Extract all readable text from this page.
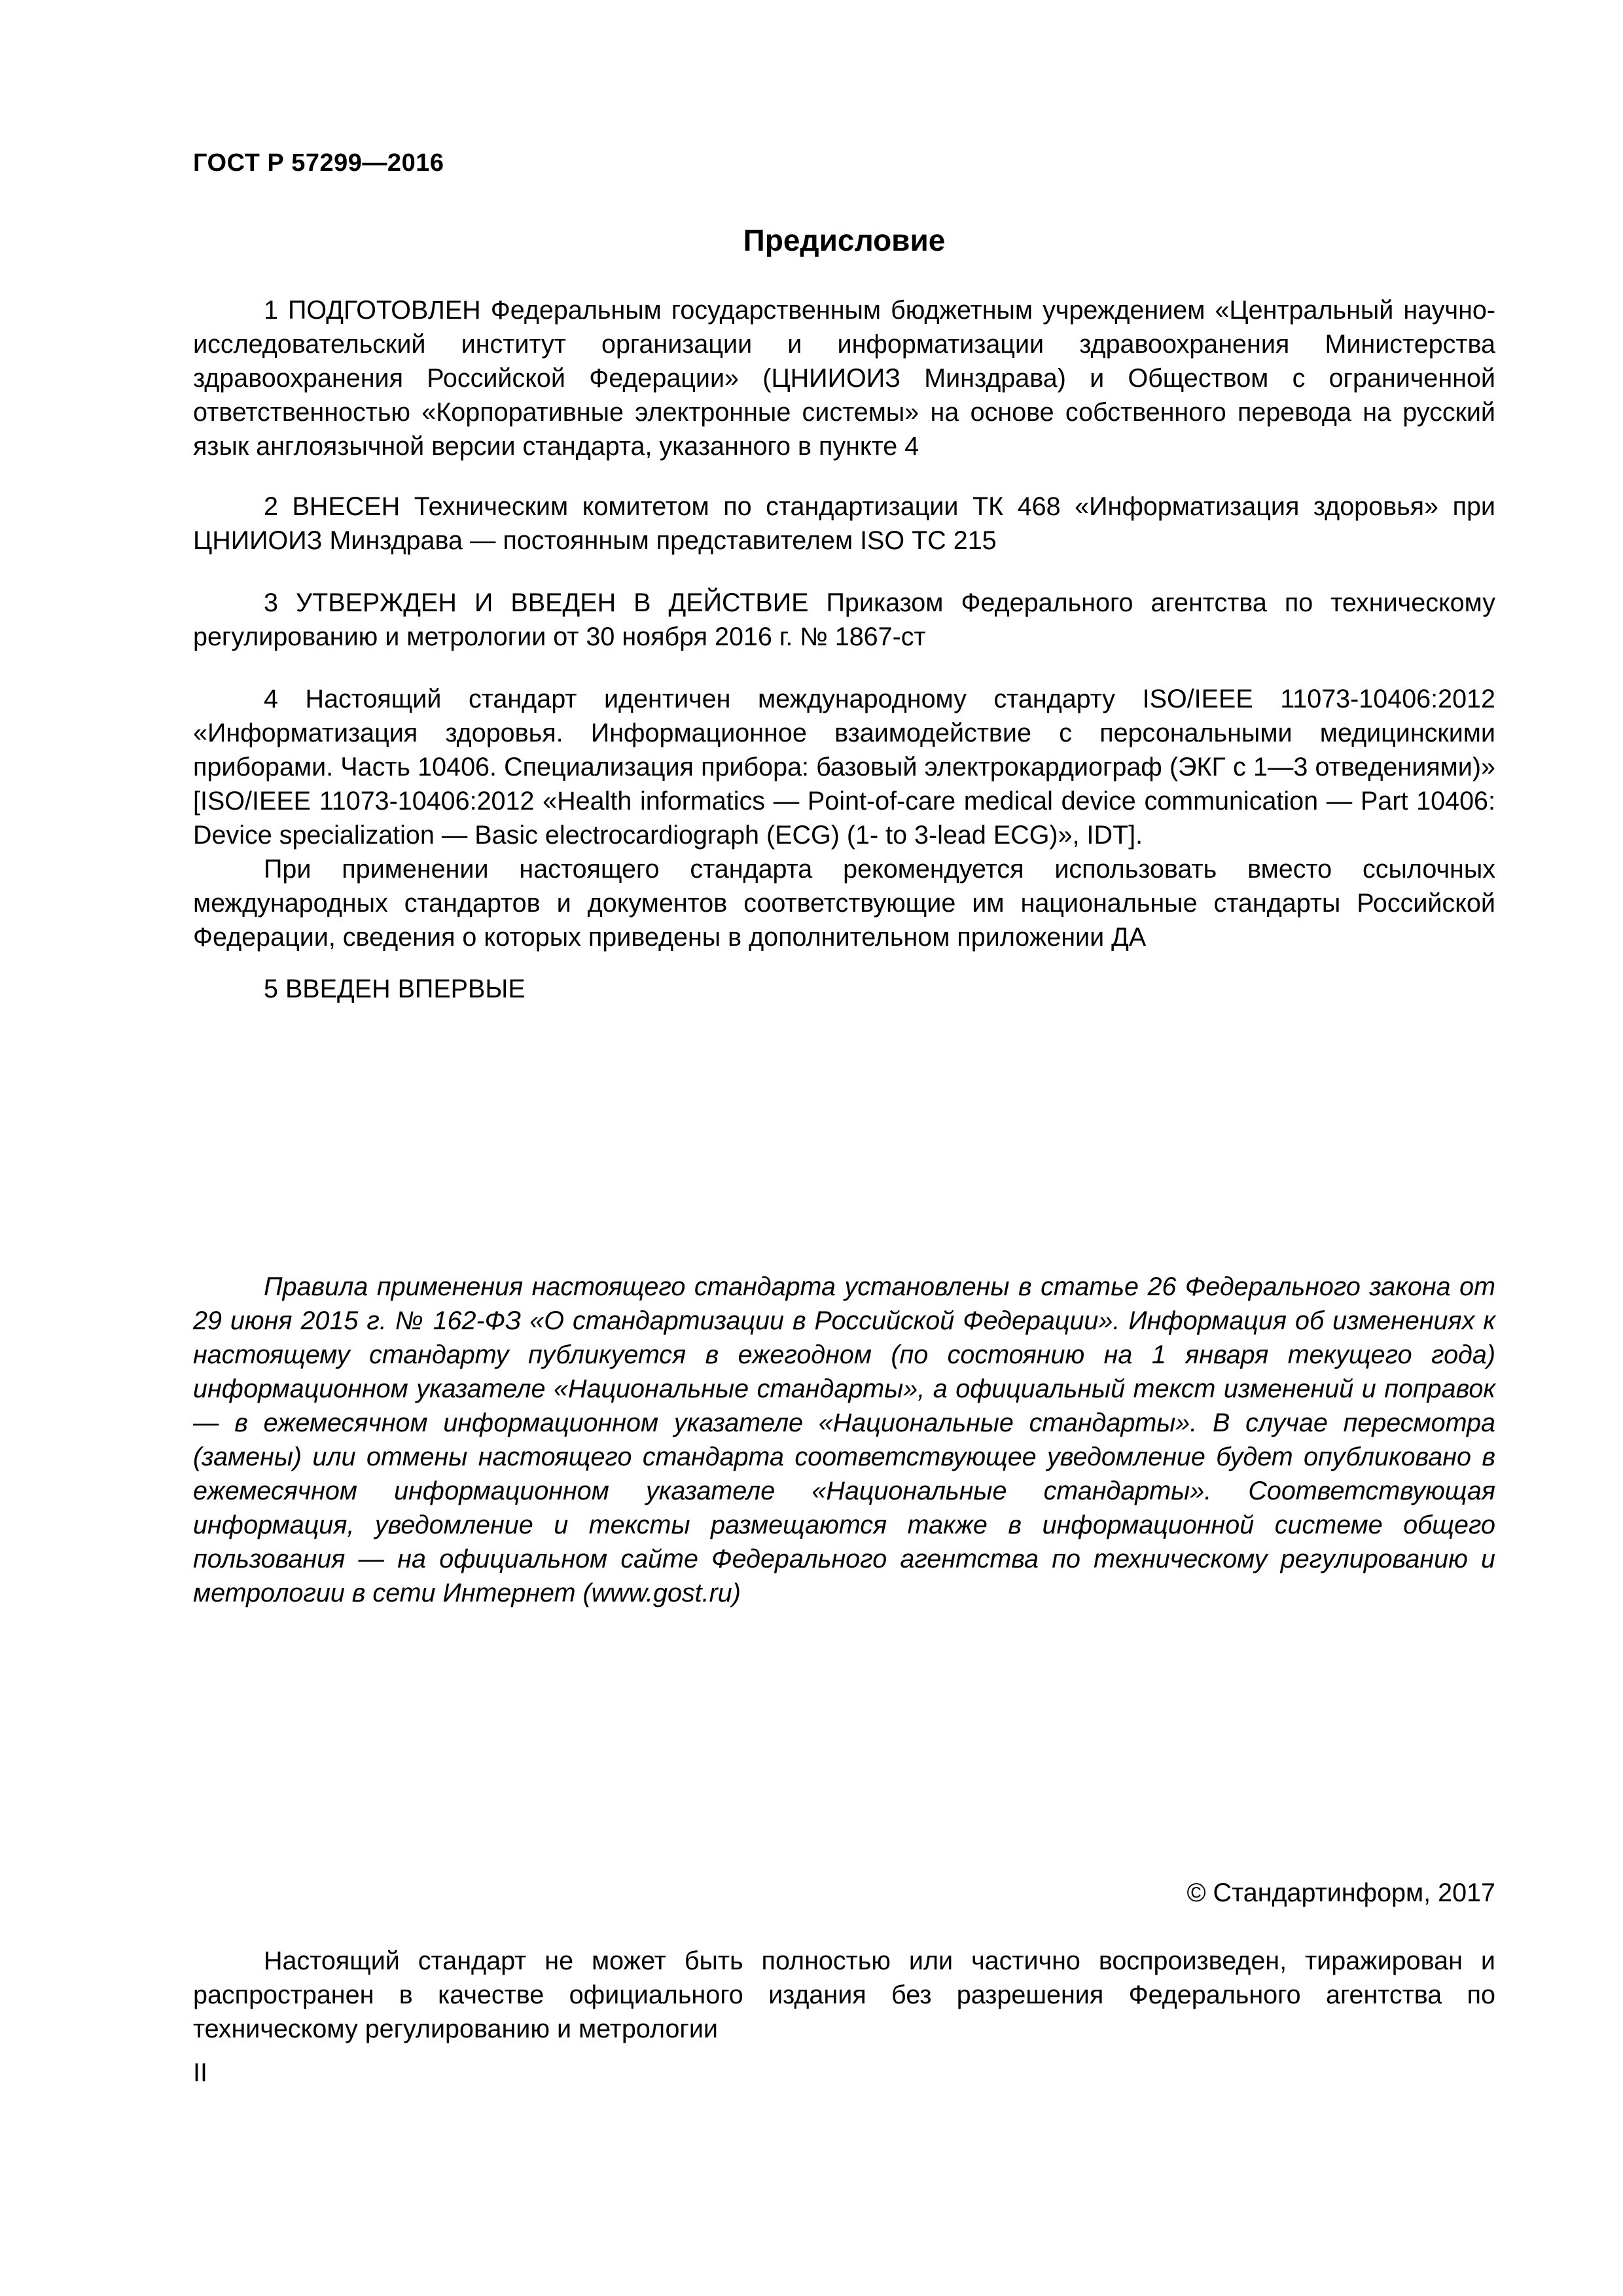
ГОСТ Р 57299—2016
Предисловие

1 ПОДГОТОВЛЕН Федеральным государственным бюджетным учреждением «Центральный научно-исследовательский институт организации и информатизации здравоохранения Министерства здравоохранения Российской Федерации» (ЦНИИОИЗ Минздрава) и Обществом с ограниченной ответственностью «Корпоративные электронные системы» на основе собственного перевода на русский язык англоязычной версии стандарта, указанного в пункте 4

2 ВНЕСЕН Техническим комитетом по стандартизации ТК 468 «Информатизация здоровья» при ЦНИИОИЗ Минздрава — постоянным представителем ISO ТС 215

3 УТВЕРЖДЕН И ВВЕДЕН В ДЕЙСТВИЕ Приказом Федерального агентства по техническому регулированию и метрологии от 30 ноября 2016 г. № 1867-ст

4 Настоящий стандарт идентичен международному стандарту ISO/IEEE 11073-10406:2012 «Информатизация здоровья. Информационное взаимодействие с персональными медицинскими приборами. Часть 10406. Специализация прибора: базовый электрокардиограф (ЭКГ с 1—3 отведениями)» [ISO/IEEE 11073-10406:2012 «Health informatics — Point-of-care medical device communication — Part 10406: Device specialization — Basic electrocardiograph (ECG) (1- to 3-lead ECG)», IDT].

При применении настоящего стандарта рекомендуется использовать вместо ссылочных международных стандартов и документов соответствующие им национальные стандарты Российской Федерации, сведения о которых приведены в дополнительном приложении ДА

5 ВВЕДЕН ВПЕРВЫЕ

Правила применения настоящего стандарта установлены в статье 26 Федерального закона от 29 июня 2015 г. № 162-ФЗ «О стандартизации в Российской Федерации». Информация об изменениях к настоящему стандарту публикуется в ежегодном (по состоянию на 1 января текущего года) информационном указателе «Национальные стандарты», а официальный текст изменений и поправок — в ежемесячном информационном указателе «Национальные стандарты». В случае пересмотра (замены) или отмены настоящего стандарта соответствующее уведомление будет опубликовано в ежемесячном информационном указателе «Национальные стандарты». Соответствующая информация, уведомление и тексты размещаются также в информационной системе общего пользования — на официальном сайте Федерального агентства по техническому регулированию и метрологии в сети Интернет (www.gost.ru)

© Стандартинформ, 2017

Настоящий стандарт не может быть полностью или частично воспроизведен, тиражирован и распространен в качестве официального издания без разрешения Федерального агентства по техническому регулированию и метрологии

II
